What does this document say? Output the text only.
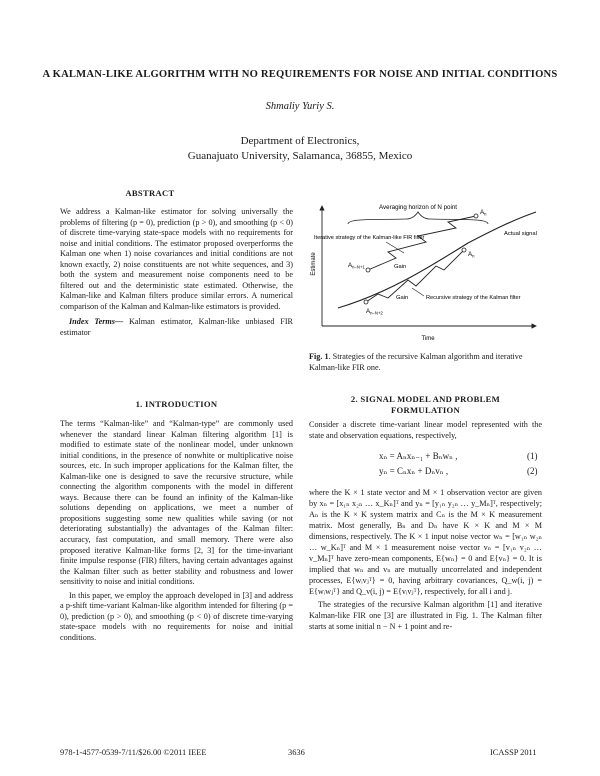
A KALMAN-LIKE ALGORITHM WITH NO REQUIREMENTS FOR NOISE AND INITIAL CONDITIONS
Shmaliy Yuriy S.
Department of Electronics,
Guanajuato University, Salamanca, 36855, Mexico
ABSTRACT

We address a Kalman-like estimator for solving universally the problems of filtering (p = 0), prediction (p > 0), and smoothing (p < 0) of discrete time-varying state-space models with no requirements for noise and initial conditions. The estimator proposed overperforms the Kalman one when 1) noise covariances and initial conditions are not known exactly, 2) noise constituents are not white sequences, and 3) both the system and measurement noise components need to be filtered out and the deterministic state estimated. Otherwise, the Kalman-like and Kalman filters produce similar errors. A numerical comparison of the Kalman and Kalman-like estimators is provided.

Index Terms— Kalman estimator, Kalman-like unbiased FIR estimator

1. INTRODUCTION

The terms “Kalman-like” and “Kalman-type” are commonly used whenever the standard linear Kalman filtering algorithm [1] is modified to estimate state of the nonlinear model, under unknown initial conditions, in the presence of nonwhite or multiplicative noise sources, etc. In such improper applications for the Kalman filter, the Kalman-like one is designed to save the recursive structure, while connecting the algorithm components with the model in different ways. Because there can be found an infinity of the Kalman-like solutions depending on applications, we meet a number of propositions suggesting some new qualities while saving (or not deteriorating substantially) the advantages of the Kalman filter: accuracy, fast computation, and small memory. There were also proposed iterative Kalman-like forms [2, 3] for the time-invariant finite impulse response (FIR) filters, having certain advantages against the Kalman filter such as better stability and robustness and lower sensitivity to noise and initial conditions.

In this paper, we employ the approach developed in [3] and address a p-shift time-variant Kalman-like algorithm intended for filtering (p = 0), prediction (p > 0), and smoothing (p < 0) of discrete time-varying state-space models with no requirements for noise and initial conditions.

Estimate
Time
Averaging horizon of N point
Actual signal
Iterative strategy of the Kalman-like FIR filter
Recursive strategy of the Kalman filter
Gain
Gain
$A_n$
$A_n$
$A_{n-N+1}$
$A_{n-N+2}$
Fig. 1. Strategies of the recursive Kalman algorithm and iterative Kalman-like FIR one.
2. SIGNAL MODEL AND PROBLEM
FORMULATION
Consider a discrete time-variant linear model represented with the state and observation equations, respectively,
xₙ = Aₙxₙ₋₁ + Bₙwₙ ,	(1)
yₙ = Cₙxₙ + Dₙvₙ ,	(2)

where the K × 1 state vector and M × 1 observation vector are given by xₙ = [x₁ₙ x₂ₙ … x_Kₙ]ᵀ and yₙ = [y₁ₙ y₂ₙ … y_Mₙ]ᵀ, respectively; Aₙ is the K × K system matrix and Cₙ is the M × K measurement matrix. Most generally, Bₙ and Dₙ have K × K and M × M dimensions, respectively. The K × 1 input noise vector wₙ = [w₁ₙ w₂ₙ … w_Kₙ]ᵀ and M × 1 measurement noise vector vₙ = [v₁ₙ v₂ₙ … v_Mₙ]ᵀ have zero-mean components, E{wₙ} = 0 and E{vₙ} = 0. It is implied that wₙ and vₙ are mutually uncorrelated and independent processes, E{wᵢvⱼᵀ} = 0, having arbitrary covariances, Q_w(i, j) = E{wᵢwⱼᵀ} and Q_v(i, j) = E{vᵢvⱼᵀ}, respectively, for all i and j.

The strategies of the recursive Kalman algorithm [1] and iterative Kalman-like FIR one [3] are illustrated in Fig. 1. The Kalman filter starts at some initial n − N + 1 point and re-

978-1-4577-0539-7/11/$26.00 ©2011 IEEE	3636	ICASSP 2011
